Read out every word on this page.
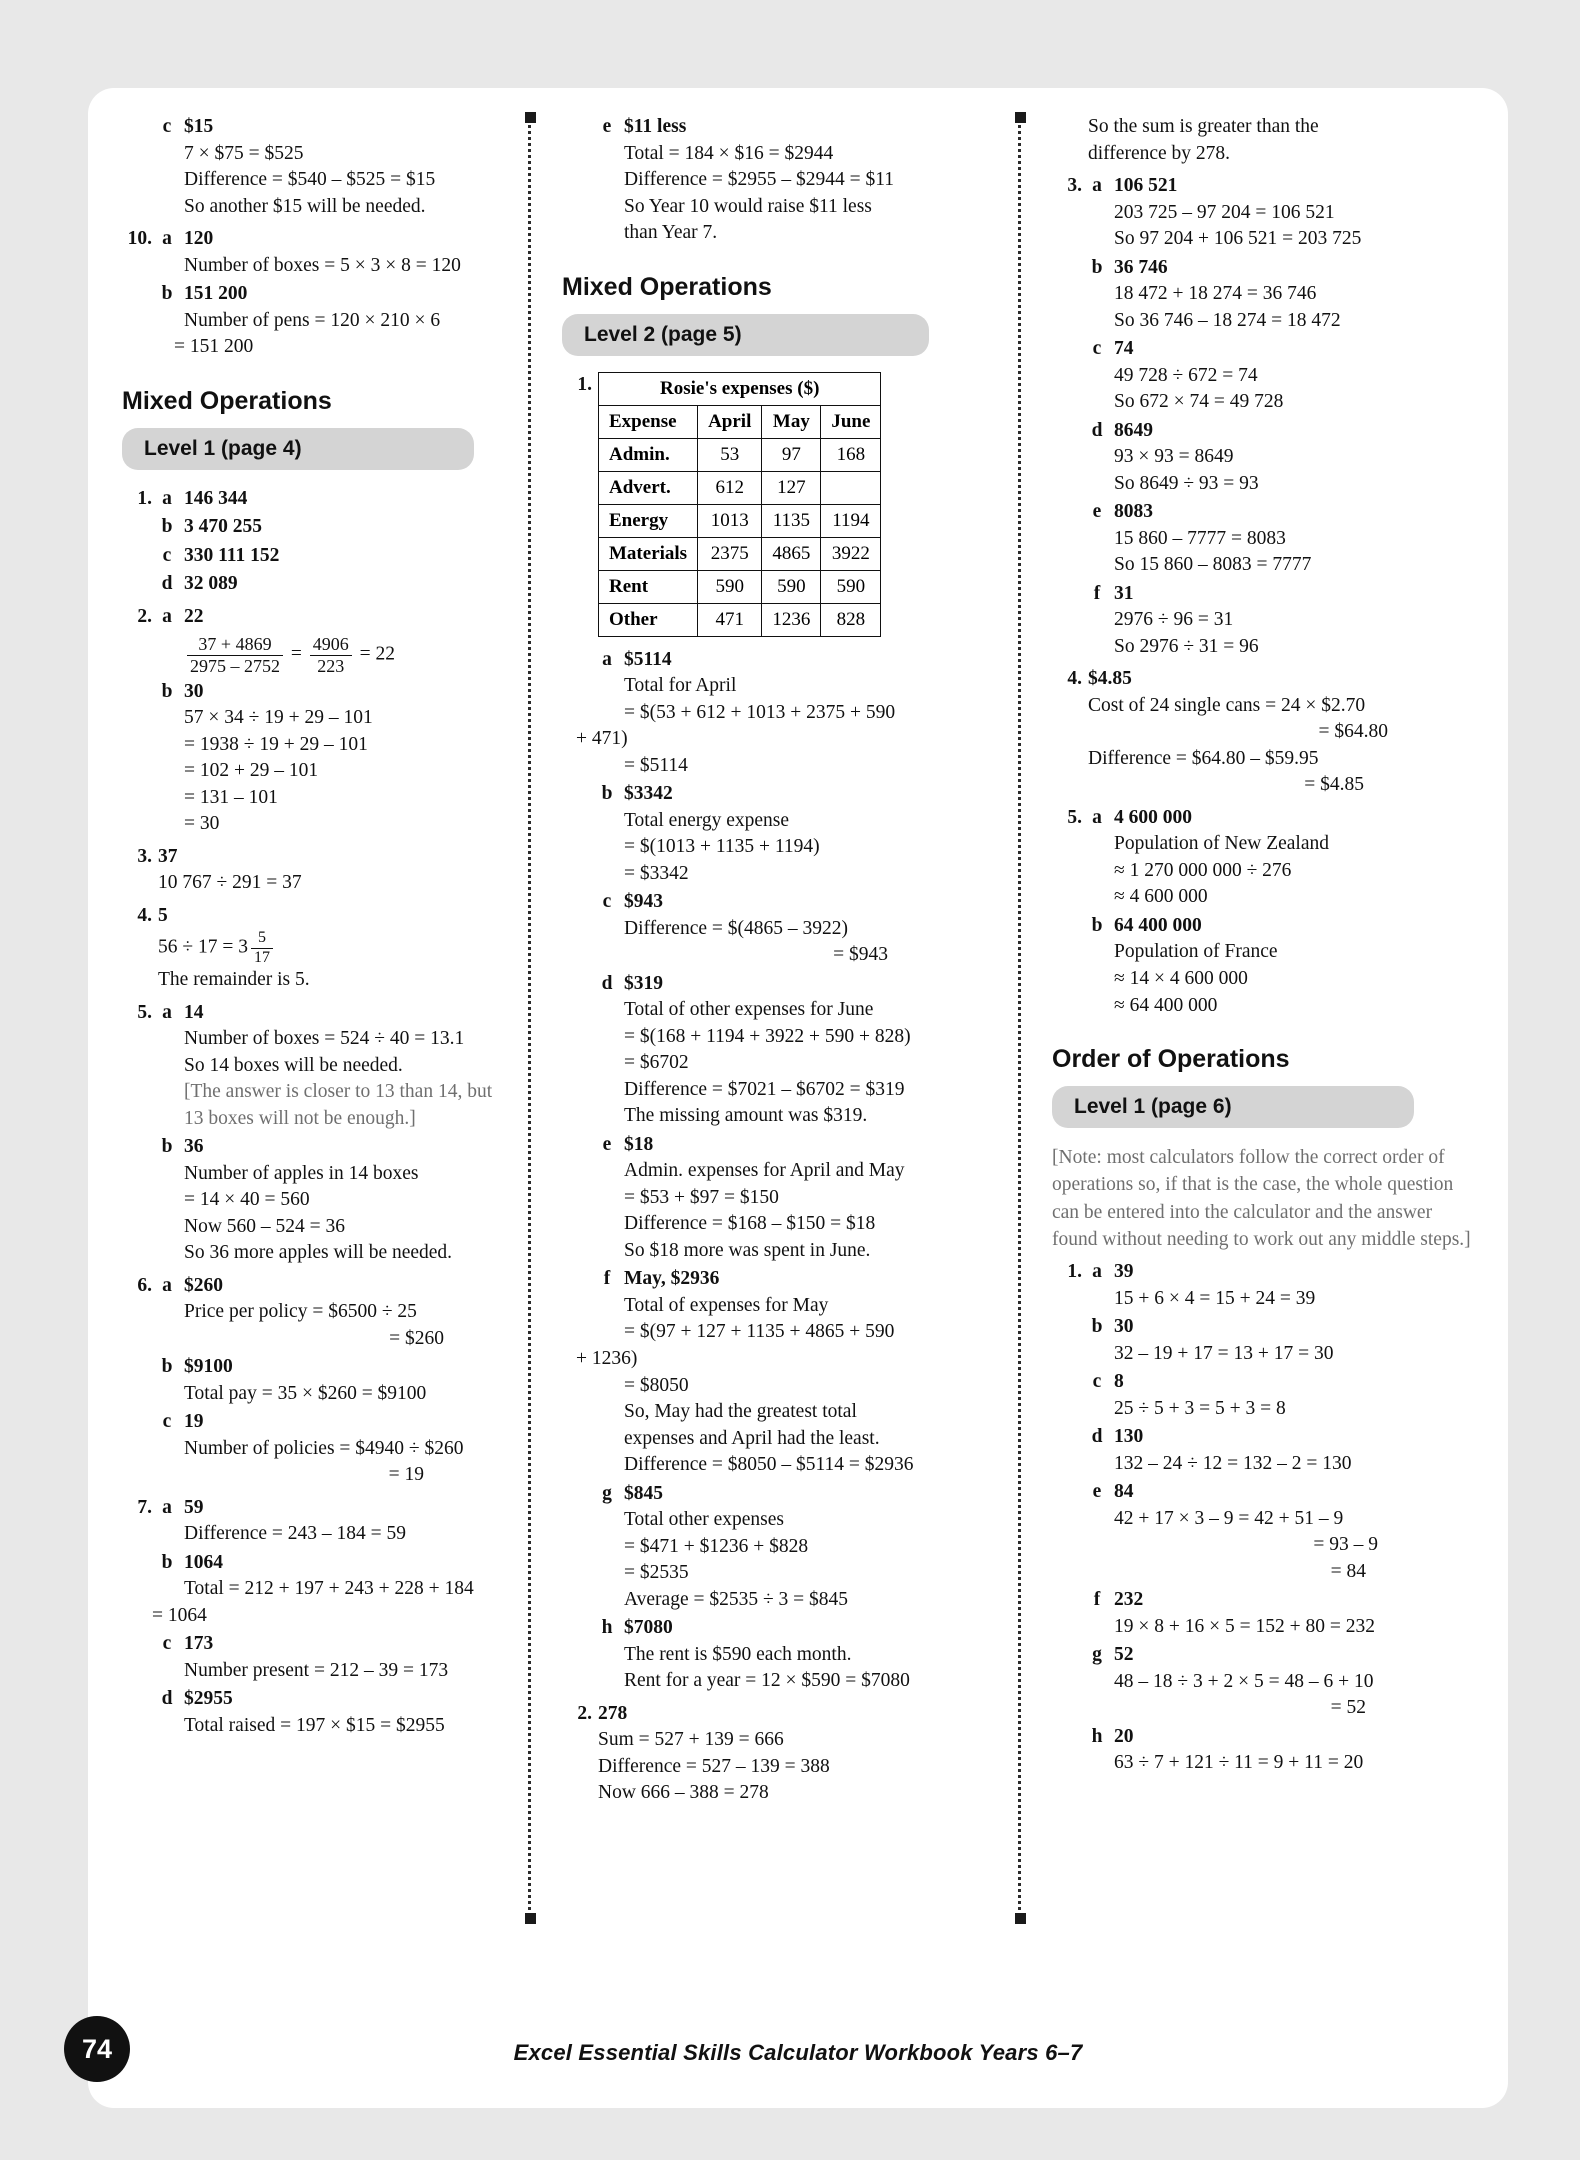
c $15
7 × $75 = $525
Difference = $540 – $525 = $15
So another $15 will be needed.
10. a 120
Number of boxes = 5 × 3 × 8 = 120
b 151 200
Number of pens = 120 × 210 × 6
= 151 200
Mixed Operations
Level 1 (page 4)
1. a 146 344
b 3 470 255
c 330 111 152
d 32 089
2. a 22
$\frac{37 + 4869}{2975 - 2752} = \frac{4906}{223} = 22$
b 30
57 × 34 ÷ 19 + 29 – 101
= 1938 ÷ 19 + 29 – 101
= 102 + 29 – 101
= 131 – 101
= 30
3. 37
10 767 ÷ 291 = 37
4. 5
$56 \div 17 = 3 \frac{5}{17}$
The remainder is 5.
5. a 14
Number of boxes = 524 ÷ 40 = 13.1
So 14 boxes will be needed.
[The answer is closer to 13 than 14, but 13 boxes will not be enough.]
b 36
Number of apples in 14 boxes
= 14 × 40 = 560
Now 560 – 524 = 36
So 36 more apples will be needed.
6. a $260
Price per policy = $6500 ÷ 25
= $260
b $9100
Total pay = 35 × $260 = $9100
c 19
Number of policies = $4940 ÷ $260
= 19
7. a 59
Difference = 243 – 184 = 59
b 1064
Total = 212 + 197 + 243 + 228 + 184
= 1064
c 173
Number present = 212 – 39 = 173
d $2955
Total raised = 197 × $15 = $2955
e $11 less
Total = 184 × $16 = $2944
Difference = $2955 – $2944 = $11
So Year 10 would raise $11 less
than Year 7.
Mixed Operations
Level 2 (page 5)
1.	Rosie's expenses ($)
Expense	April	May	June
Admin.	53	97	168
Advert.	612	127	
Energy	1013	1135	1194
Materials	2375	4865	3922
Rent	590	590	590
Other	471	1236	828
a $5114
Total for April
= $(53 + 612 + 1013 + 2375 + 590
+ 471)
= $5114
b $3342
Total energy expense
= $(1013 + 1135 + 1194)
= $3342
c $943
Difference = $(4865 – 3922)
= $943
d $319
Total of other expenses for June
= $(168 + 1194 + 3922 + 590 + 828)
= $6702
Difference = $7021 – $6702 = $319
The missing amount was $319.
e $18
Admin. expenses for April and May
= $53 + $97 = $150
Difference = $168 – $150 = $18
So $18 more was spent in June.
f May, $2936
Total of expenses for May
= $(97 + 127 + 1135 + 4865 + 590
+ 1236)
= $8050
So, May had the greatest total
expenses and April had the least.
Difference = $8050 – $5114 = $2936
g $845
Total other expenses
= $471 + $1236 + $828
= $2535
Average = $2535 ÷ 3 = $845
h $7080
The rent is $590 each month.
Rent for a year = 12 × $590 = $7080
2. 278
Sum = 527 + 139 = 666
Difference = 527 – 139 = 388
Now 666 – 388 = 278
So the sum is greater than the
difference by 278.
3. a 106 521
203 725 – 97 204 = 106 521
So 97 204 + 106 521 = 203 725
b 36 746
18 472 + 18 274 = 36 746
So 36 746 – 18 274 = 18 472
c 74
49 728 ÷ 672 = 74
So 672 × 74 = 49 728
d 8649
93 × 93 = 8649
So 8649 ÷ 93 = 93
e 8083
15 860 – 7777 = 8083
So 15 860 – 8083 = 7777
f 31
2976 ÷ 96 = 31
So 2976 ÷ 31 = 96
4. $4.85
Cost of 24 single cans = 24 × $2.70
= $64.80
Difference = $64.80 – $59.95
= $4.85
5. a 4 600 000
Population of New Zealand
≈ 1 270 000 000 ÷ 276
≈ 4 600 000
b 64 400 000
Population of France
≈ 14 × 4 600 000
≈ 64 400 000
Order of Operations
Level 1 (page 6)
[Note: most calculators follow the correct order of operations so, if that is the case, the whole question can be entered into the calculator and the answer found without needing to work out any middle steps.]
1. a 39
15 + 6 × 4 = 15 + 24 = 39
b 30
32 – 19 + 17 = 13 + 17 = 30
c 8
25 ÷ 5 + 3 = 5 + 3 = 8
d 130
132 – 24 ÷ 12 = 132 – 2 = 130
e 84
42 + 17 × 3 – 9 = 42 + 51 – 9
= 93 – 9
= 84
f 232
19 × 8 + 16 × 5 = 152 + 80 = 232
g 52
48 – 18 ÷ 3 + 2 × 5 = 48 – 6 + 10
= 52
h 20
63 ÷ 7 + 121 ÷ 11 = 9 + 11 = 20
74	Excel Essential Skills Calculator Workbook Years 6–7
